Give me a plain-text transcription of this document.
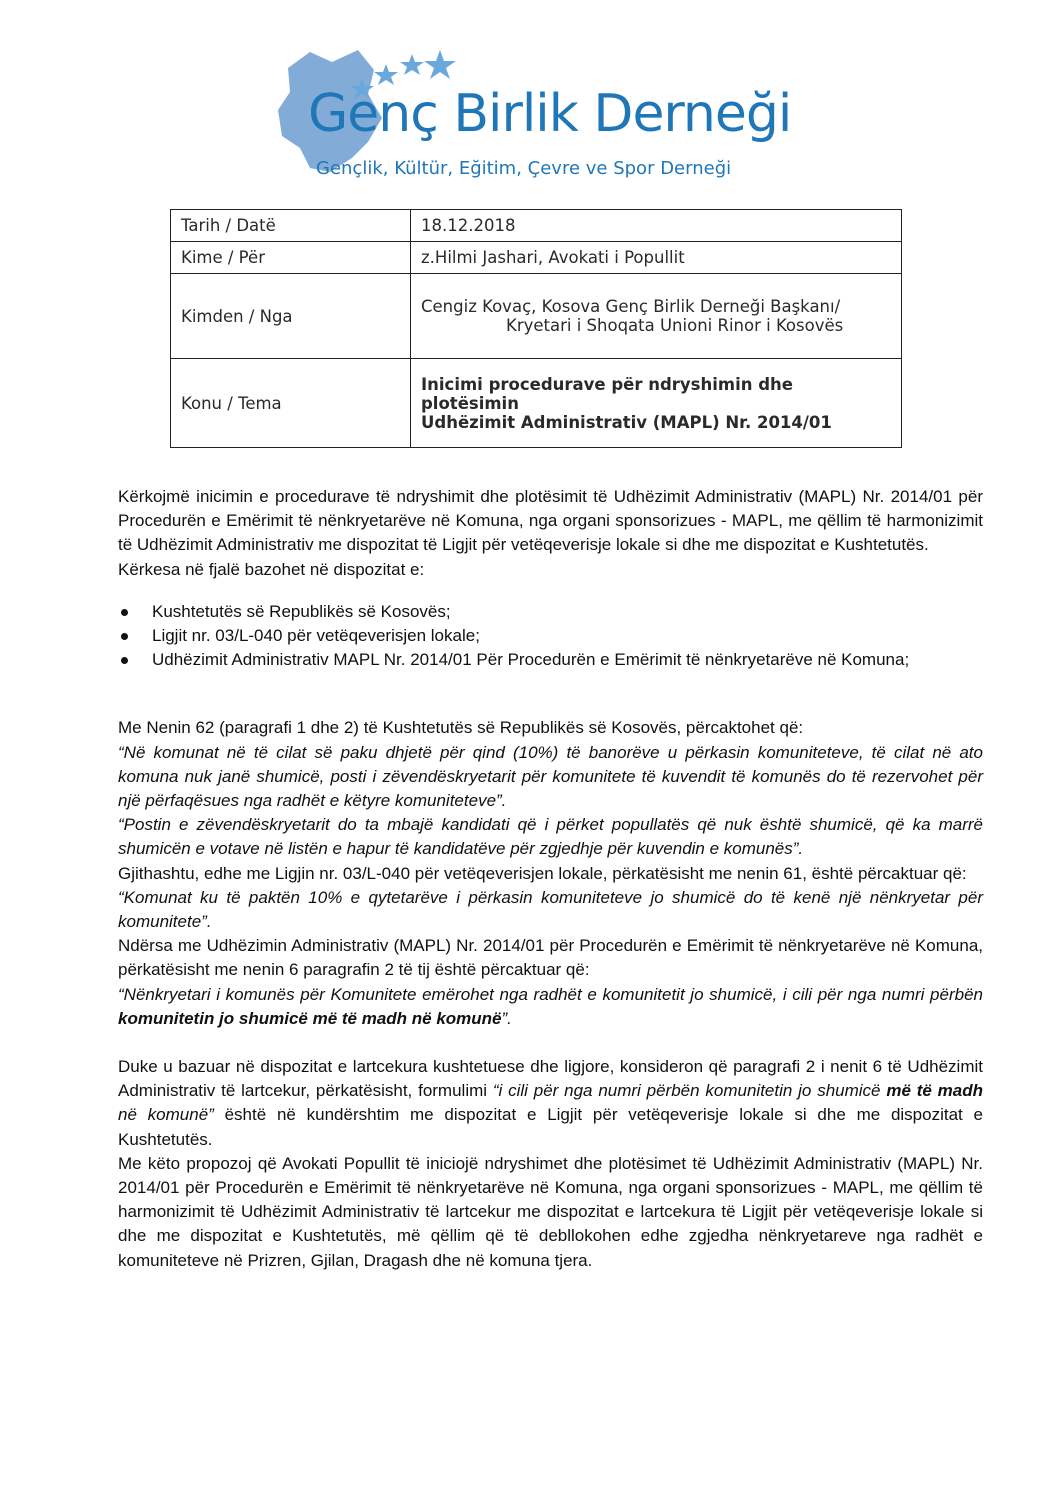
Genç Birlik Derneği
Gençlik, Kültür, Eğitim, Çevre ve Spor Derneği
Tarih / Datë	18.12.2018
Kime / Për	z.Hilmi Jashari, Avokati i Popullit
Kimden / Nga	Cengiz Kovaç, Kosova Genç Birlik Derneği Başkanı/
Kryetari i Shoqata Unioni Rinor i Kosovës

Konu / Tema	Inicimi procedurave për ndryshimin dhe plotësimin
Udhëzimit Administrativ (MAPL) Nr. 2014/01

Kërkojmë inicimin e procedurave të ndryshimit dhe plotësimit të Udhëzimit Administrativ (MAPL) Nr. 2014/01 për Procedurën e Emërimit të nënkryetarëve në Komuna, nga organi sponsorizues - MAPL, me qëllim të harmonizimit të Udhëzimit Administrativ me dispozitat të Ligjit për vetëqeverisje lokale si dhe me dispozitat e Kushtetutës.

Kërkesa në fjalë bazohet në dispozitat e:

Kushtetutës së Republikës së Kosovës;
Ligjit nr. 03/L-040 për vetëqeverisjen lokale;
Udhëzimit Administrativ MAPL Nr. 2014/01 Për Procedurën e Emërimit të nënkryetarëve në Komuna;

Me Nenin 62 (paragrafi 1 dhe 2) të Kushtetutës së Republikës së Kosovës, përcaktohet që:

“Në komunat në të cilat së paku dhjetë për qind (10%) të banorëve u përkasin komuniteteve, të cilat në ato komuna nuk janë shumicë, posti i zëvendëskryetarit për komunitete të kuvendit të komunës do të rezervohet për një përfaqësues nga radhët e këtyre komuniteteve”.

“Postin e zëvendëskryetarit do ta mbajë kandidati që i përket popullatës që nuk është shumicë, që ka marrë shumicën e votave në listën e hapur të kandidatëve për zgjedhje për kuvendin e komunës”.

Gjithashtu, edhe me Ligjin nr. 03/L-040 për vetëqeverisjen lokale, përkatësisht me nenin 61, është përcaktuar që:

“Komunat ku të paktën 10% e qytetarëve i përkasin komuniteteve jo shumicë do të kenë një nënkryetar për komunitete”.

Ndërsa me Udhëzimin Administrativ (MAPL) Nr. 2014/01 për Procedurën e Emërimit të nënkryetarëve në Komuna, përkatësisht me nenin 6 paragrafin 2 të tij është përcaktuar që:

“Nënkryetari i komunës për Komunitete emërohet nga radhët e komunitetit jo shumicë, i cili për nga numri përbën komunitetin jo shumicë më të madh në komunë”.

Duke u bazuar në dispozitat e lartcekura kushtetuese dhe ligjore, konsideron që paragrafi 2 i nenit 6 të Udhëzimit Administrativ të lartcekur, përkatësisht, formulimi “i cili për nga numri përbën komunitetin jo shumicë më të madh në komunë” është në kundërshtim me dispozitat e Ligjit për vetëqeverisje lokale si dhe me dispozitat e Kushtetutës.

Me këto propozoj që Avokati Popullit të iniciojë ndryshimet dhe plotësimet të Udhëzimit Administrativ (MAPL) Nr. 2014/01 për Procedurën e Emërimit të nënkryetarëve në Komuna, nga organi sponsorizues - MAPL, me qëllim të harmonizimit të Udhëzimit Administrativ të lartcekur me dispozitat e lartcekura të Ligjit për vetëqeverisje lokale si dhe me dispozitat e Kushtetutës, më qëllim që të debllokohen edhe zgjedha nënkryetareve nga radhët e komuniteteve në Prizren, Gjilan, Dragash dhe në komuna tjera.
